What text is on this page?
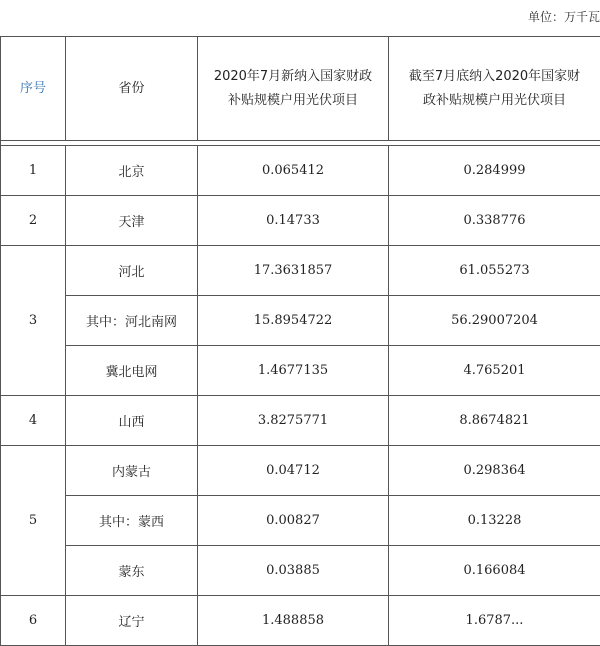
单位：万千瓦
序号	省份	2020年7月新纳入国家财政补贴规模户用光伏项目	截至7月底纳入2020年国家财政补贴规模户用光伏项目

1	北京	0.065412	0.284999
2	天津	0.14733	0.338776
3	河北	17.3631857	61.055273
	其中：河北南网	15.8954722	56.29007204
	冀北电网	1.4677135	4.765201
4	山西	3.8275771	8.8674821
5	内蒙古	0.04712	0.298364
	其中：蒙西	0.00827	0.13228
	蒙东	0.03885	0.166084
6	辽宁	1.488858	1.6787...
